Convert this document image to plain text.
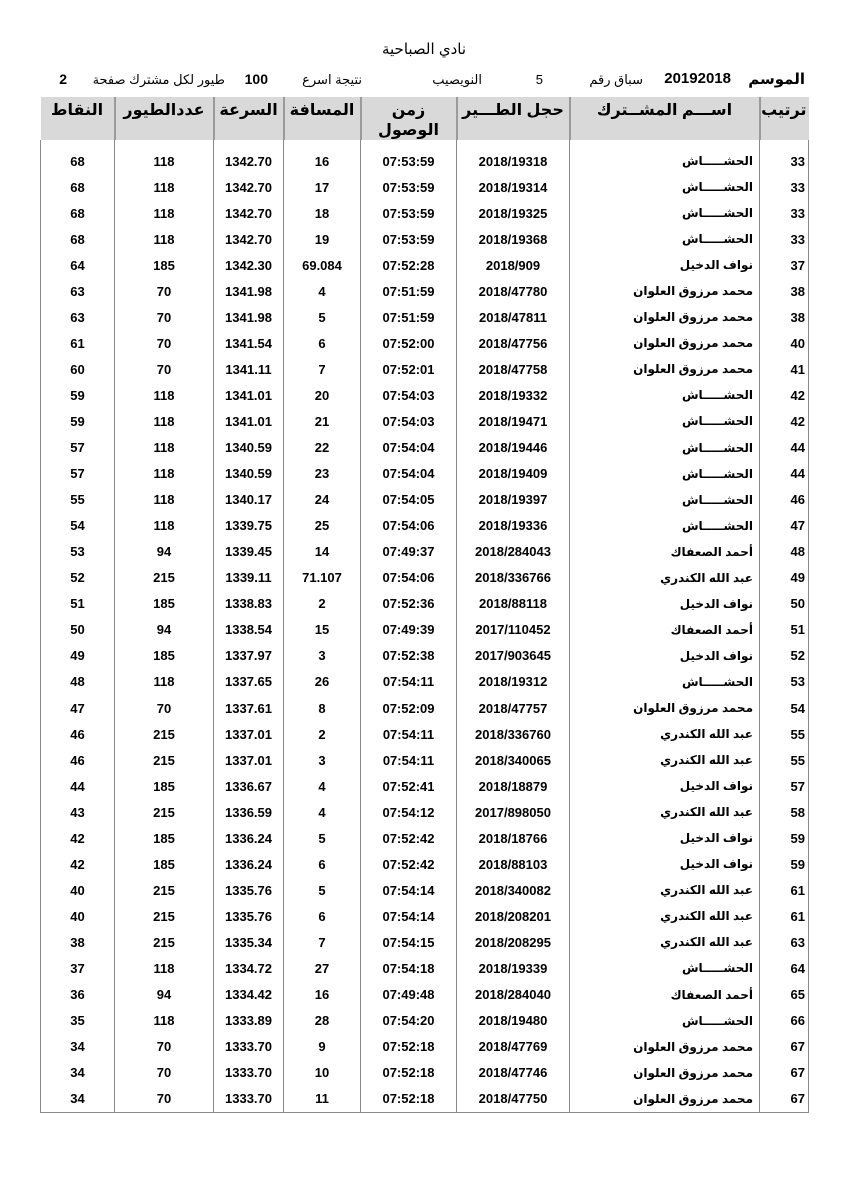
نادي الصباحية
الموسم
20192018
سباق رقم
5
النويصيب
نتيجة اسرع
100
طيور لكل مشترك صفحة
2
ترتيب	اســـم المشــترك	حجل الطـــير	زمن الوصول	المسافة	السرعة	عددالطيور	النقاط

33	الحشـــــاش	2018/19318	07:53:59	16	1342.70	118	68
33	الحشـــــاش	2018/19314	07:53:59	17	1342.70	118	68
33	الحشـــــاش	2018/19325	07:53:59	18	1342.70	118	68
33	الحشـــــاش	2018/19368	07:53:59	19	1342.70	118	68
37	نواف الدخيل	2018/909	07:52:28	69.084	1342.30	185	64
38	محمد مرزوق العلوان	2018/47780	07:51:59	4	1341.98	70	63
38	محمد مرزوق العلوان	2018/47811	07:51:59	5	1341.98	70	63
40	محمد مرزوق العلوان	2018/47756	07:52:00	6	1341.54	70	61
41	محمد مرزوق العلوان	2018/47758	07:52:01	7	1341.11	70	60
42	الحشـــــاش	2018/19332	07:54:03	20	1341.01	118	59
42	الحشـــــاش	2018/19471	07:54:03	21	1341.01	118	59
44	الحشـــــاش	2018/19446	07:54:04	22	1340.59	118	57
44	الحشـــــاش	2018/19409	07:54:04	23	1340.59	118	57
46	الحشـــــاش	2018/19397	07:54:05	24	1340.17	118	55
47	الحشـــــاش	2018/19336	07:54:06	25	1339.75	118	54
48	أحمد الصعفاك	2018/284043	07:49:37	14	1339.45	94	53
49	عبد الله الكندري	2018/336766	07:54:06	71.107	1339.11	215	52
50	نواف الدخيل	2018/88118	07:52:36	2	1338.83	185	51
51	أحمد الصعفاك	2017/110452	07:49:39	15	1338.54	94	50
52	نواف الدخيل	2017/903645	07:52:38	3	1337.97	185	49
53	الحشـــــاش	2018/19312	07:54:11	26	1337.65	118	48
54	محمد مرزوق العلوان	2018/47757	07:52:09	8	1337.61	70	47
55	عبد الله الكندري	2018/336760	07:54:11	2	1337.01	215	46
55	عبد الله الكندري	2018/340065	07:54:11	3	1337.01	215	46
57	نواف الدخيل	2018/18879	07:52:41	4	1336.67	185	44
58	عبد الله الكندري	2017/898050	07:54:12	4	1336.59	215	43
59	نواف الدخيل	2018/18766	07:52:42	5	1336.24	185	42
59	نواف الدخيل	2018/88103	07:52:42	6	1336.24	185	42
61	عبد الله الكندري	2018/340082	07:54:14	5	1335.76	215	40
61	عبد الله الكندري	2018/208201	07:54:14	6	1335.76	215	40
63	عبد الله الكندري	2018/208295	07:54:15	7	1335.34	215	38
64	الحشـــــاش	2018/19339	07:54:18	27	1334.72	118	37
65	أحمد الصعفاك	2018/284040	07:49:48	16	1334.42	94	36
66	الحشـــــاش	2018/19480	07:54:20	28	1333.89	118	35
67	محمد مرزوق العلوان	2018/47769	07:52:18	9	1333.70	70	34
67	محمد مرزوق العلوان	2018/47746	07:52:18	10	1333.70	70	34
67	محمد مرزوق العلوان	2018/47750	07:52:18	11	1333.70	70	34
